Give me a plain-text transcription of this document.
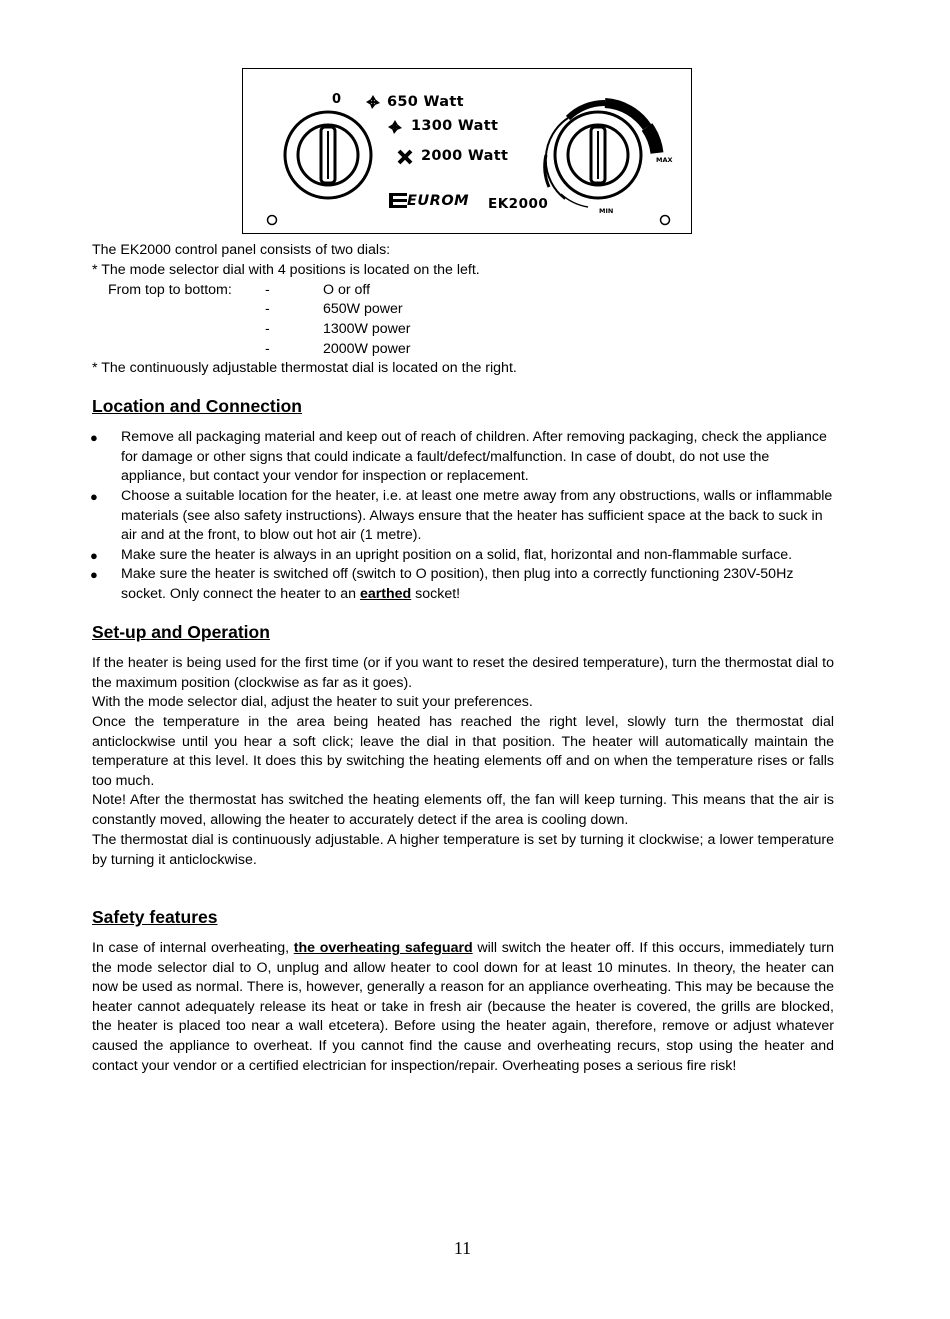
0	650 Watt
1300 Watt
2000 Watt
EUROM EK2000
MAX
MIN
The EK2000 control panel consists of two dials:
* The mode selector dial with 4 positions is located on the left.
From top to bottom: -	O or off
-	650W power
-	1300W power
-	2000W power
* The continuously adjustable thermostat dial is located on the right.
Location and Connection
● Remove all packaging material and keep out of reach of children. After removing packaging, check the appliance for damage or other signs that could indicate a fault/defect/malfunction. In case of doubt, do not use the appliance, but contact your vendor for inspection or replacement.
● Choose a suitable location for the heater, i.e. at least one metre away from any obstructions, walls or inflammable materials (see also safety instructions). Always ensure that the heater has sufficient space at the back to suck in air and at the front, to blow out hot air (1 metre).
● Make sure the heater is always in an upright position on a solid, flat, horizontal and non-flammable surface.
● Make sure the heater is switched off (switch to O position), then plug into a correctly functioning 230V-50Hz socket. Only connect the heater to an earthed socket!
Set-up and Operation
If the heater is being used for the first time (or if you want to reset the desired temperature), turn the thermostat dial to the maximum position (clockwise as far as it goes).
With the mode selector dial, adjust the heater to suit your preferences.
Once the temperature in the area being heated has reached the right level, slowly turn the thermostat dial anticlockwise until you hear a soft click; leave the dial in that position. The heater will automatically maintain the temperature at this level. It does this by switching the heating elements off and on when the temperature rises or falls too much.
Note! After the thermostat has switched the heating elements off, the fan will keep turning. This means that the air is constantly moved, allowing the heater to accurately detect if the area is cooling down.
The thermostat dial is continuously adjustable. A higher temperature is set by turning it clockwise; a lower temperature by turning it anticlockwise.
Safety features
In case of internal overheating, the overheating safeguard will switch the heater off. If this occurs, immediately turn the mode selector dial to O, unplug and allow heater to cool down for at least 10 minutes. In theory, the heater can now be used as normal. There is, however, generally a reason for an appliance overheating. This may be because the heater cannot adequately release its heat or take in fresh air (because the heater is covered, the grills are blocked, the heater is placed too near a wall etcetera). Before using the heater again, therefore, remove or adjust whatever caused the appliance to overheat. If you cannot find the cause and overheating recurs, stop using the heater and contact your vendor or a certified electrician for inspection/repair. Overheating poses a serious fire risk!
11
